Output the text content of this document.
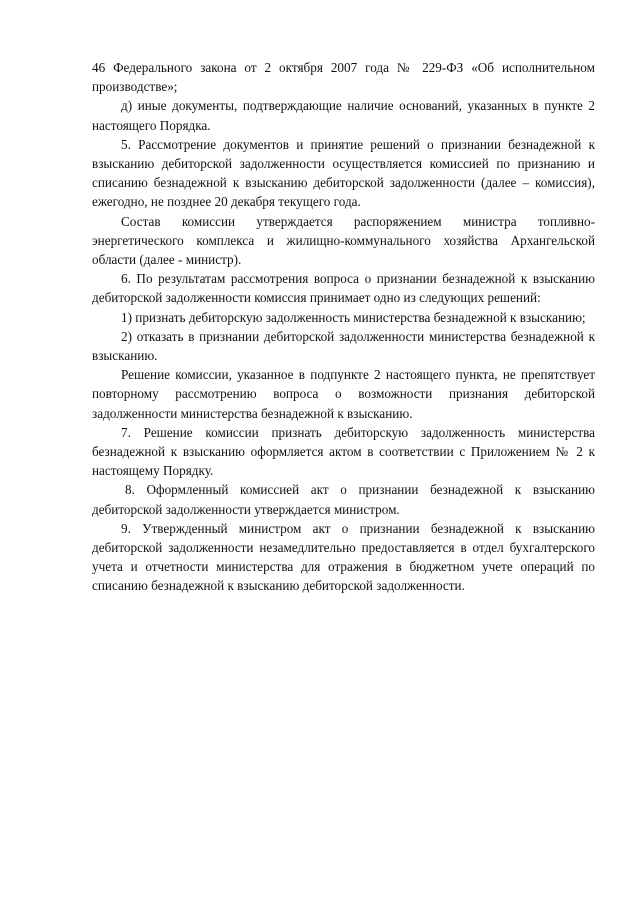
46 Федерального закона от 2 октября 2007 года № 229-ФЗ «Об исполнительном производстве»;

д) иные документы, подтверждающие наличие оснований, указанных в пункте 2 настоящего Порядка.

5. Рассмотрение документов и принятие решений о признании безнадежной к взысканию дебиторской задолженности осуществляется комиссией по признанию и списанию безнадежной к взысканию дебиторской задолженности (далее – комиссия), ежегодно, не позднее 20 декабря текущего года.

Состав комиссии утверждается распоряжением министра топливно-энергетического комплекса и жилищно-коммунального хозяйства Архангельской области (далее - министр).

6. По результатам рассмотрения вопроса о признании безнадежной к взысканию дебиторской задолженности комиссия принимает одно из следующих решений:

1) признать дебиторскую задолженность министерства безнадежной к взысканию;

2) отказать в признании дебиторской задолженности министерства безнадежной к взысканию.

Решение комиссии, указанное в подпункте 2 настоящего пункта, не препятствует повторному рассмотрению вопроса о возможности признания дебиторской задолженности министерства безнадежной к взысканию.

7. Решение комиссии признать дебиторскую задолженность министерства безнадежной к взысканию оформляется актом в соответствии с Приложением № 2 к настоящему Порядку.

8. Оформленный комиссией акт о признании безнадежной к взысканию дебиторской задолженности утверждается министром.

9. Утвержденный министром акт о признании безнадежной к взысканию дебиторской задолженности незамедлительно предоставляется в отдел бухгалтерского учета и отчетности министерства для отражения в бюджетном учете операций по списанию безнадежной к взысканию дебиторской задолженности.
